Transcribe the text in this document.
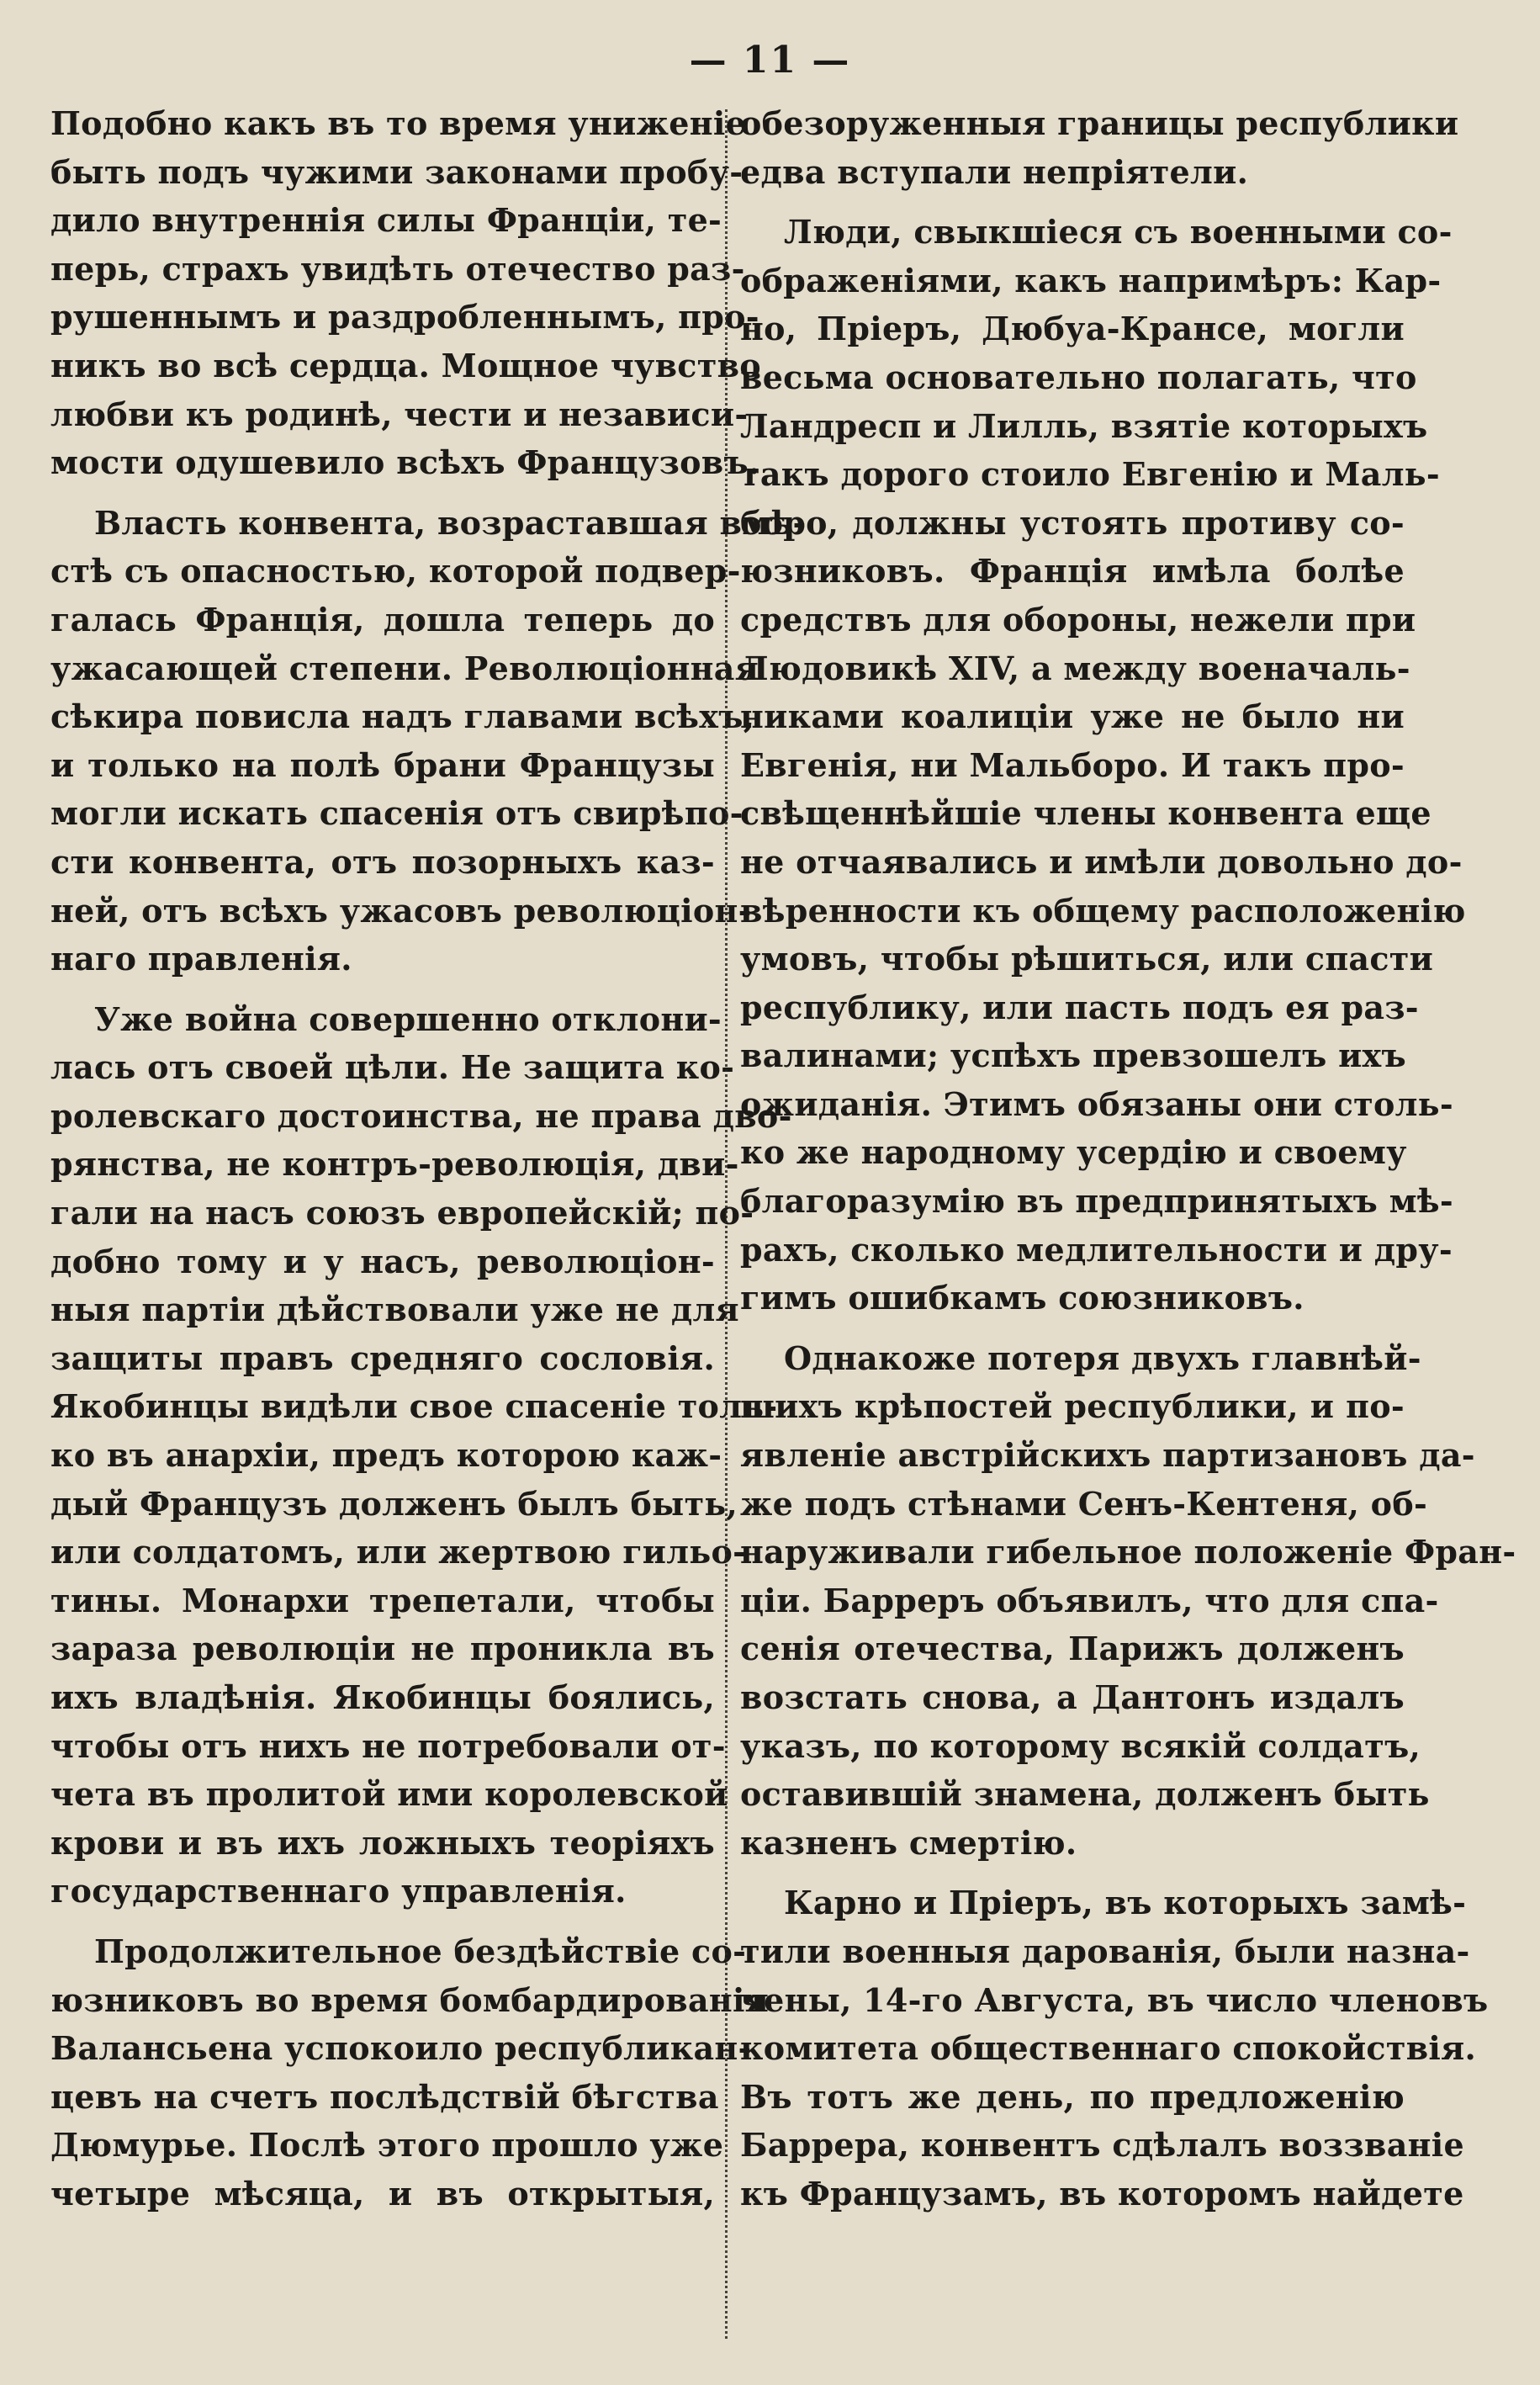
— 11 —
Подобно какъ въ то время униженіе
быть подъ чужими законами пробу-
дило внутреннія силы Франціи, те-
перь, страхъ увидѣть отечество раз-
рушеннымъ и раздробленнымъ, про-
никъ во всѣ сердца. Мощное чувство
любви къ родинѣ, чести и независи-
мости одушевило всѣхъ Французовъ.
Власть конвента, возраставшая вмѣ-
стѣ съ опасностью, которой подвер-
галась Франція, дошла теперь до
ужасающей степени. Революціонная
сѣкира повисла надъ главами всѣхъ,
и только на полѣ брани Французы
могли искать спасенія отъ свирѣпо-
сти конвента, отъ позорныхъ каз-
ней, отъ всѣхъ ужасовъ революціон-
наго правленія.
Уже война совершенно отклони-
лась отъ своей цѣли. Не защита ко-
ролевскаго достоинства, не права дво-
рянства, не контръ-революція, дви-
гали на насъ союзъ европейскій; по-
добно тому и у насъ, революціон-
ныя партіи дѣйствовали уже не для
защиты правъ средняго сословія.
Якобинцы видѣли свое спасеніе толь-
ко въ анархіи, предъ которою каж-
дый Французъ долженъ былъ быть,
или солдатомъ, или жертвою гильо-
тины. Монархи трепетали, чтобы
зараза революціи не проникла въ
ихъ владѣнія. Якобинцы боялись,
чтобы отъ нихъ не потребовали от-
чета въ пролитой ими королевской
крови и въ ихъ ложныхъ теоріяхъ
государственнаго управленія.
Продолжительное бездѣйствіе со-
юзниковъ во время бомбардированія
Валансьена успокоило республикан-
цевъ на счетъ послѣдствій бѣгства
Дюмурье. Послѣ этого прошло уже
четыре мѣсяца, и въ открытыя,
обезоруженныя границы республики
едва вступали непріятели.
Люди, свыкшіеся съ военными со-
ображеніями, какъ напримѣръ: Кар-
но, Пріеръ, Дюбуа-Крансе, могли
весьма основательно полагать, что
Ландресп и Лилль, взятіе которыхъ
такъ дорого стоило Евгенію и Маль-
боро, должны устоять противу со-
юзниковъ. Франція имѣла болѣе
средствъ для обороны, нежели при
Людовикѣ XIV, а между военачаль-
никами коалиціи уже не было ни
Евгенія, ни Мальборо. И такъ про-
свѣщеннѣйшіе члены конвента еще
не отчаявались и имѣли довольно до-
вѣренности къ общему расположенію
умовъ, чтобы рѣшиться, или спасти
республику, или пасть подъ ея раз-
валинами; успѣхъ превзошелъ ихъ
ожиданія. Этимъ обязаны они столь-
ко же народному усердію и своему
благоразумію въ предпринятыхъ мѣ-
рахъ, сколько медлительности и дру-
гимъ ошибкамъ союзниковъ.
Однакоже потеря двухъ главнѣй-
шихъ крѣпостей республики, и по-
явленіе австрійскихъ партизановъ да-
же подъ стѣнами Сенъ-Кентеня, об-
наруживали гибельное положеніе Фран-
ціи. Барреръ объявилъ, что для спа-
сенія отечества, Парижъ долженъ
возстать снова, а Дантонъ издалъ
указъ, по которому всякій солдатъ,
оставившій знамена, долженъ быть
казненъ смертію.
Карно и Пріеръ, въ которыхъ замѣ-
тили военныя дарованія, были назна-
чены, 14-го Августа, въ число членовъ
комитета общественнаго спокойствія.
Въ тотъ же день, по предложенію
Баррера, конвентъ сдѣлалъ воззваніе
къ Французамъ, въ которомъ найдете
